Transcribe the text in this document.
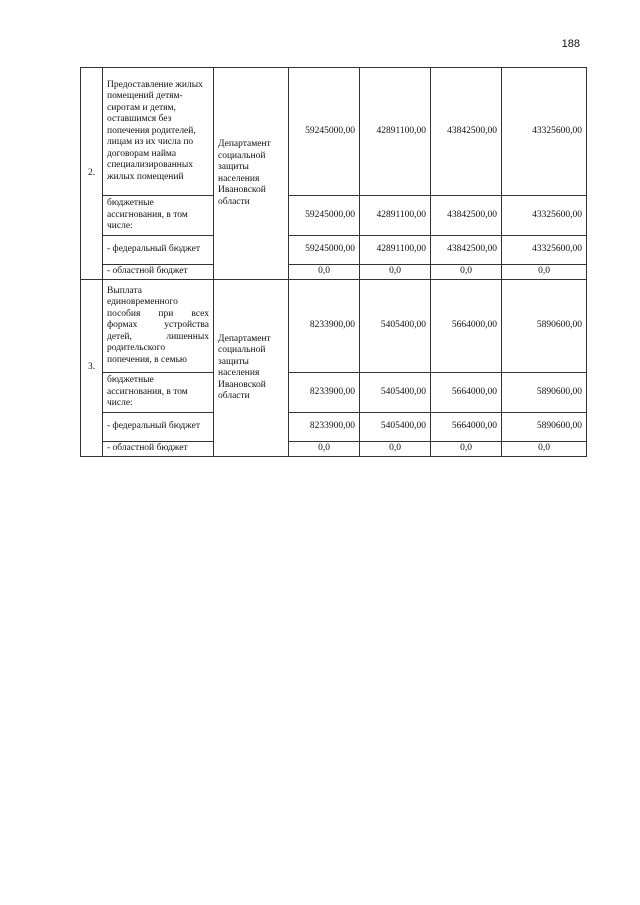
188
2.	Предоставление жилых помещений детям-сиротам и детям, оставшимся без попечения родителей, лицам из их числа по договорам найма специализированных жилых помещений	Департамент социальной защиты населения Ивановской области	59245000,00	42891100,00	43842500,00	43325600,00
	бюджетные ассигнования, в том числе:		59245000,00	42891100,00	43842500,00	43325600,00
	- федеральный бюджет		59245000,00	42891100,00	43842500,00	43325600,00
	- областной бюджет		0,0	0,0	0,0	0,0
3.	Выплата единовременного пособия при всех формах устройства детей, лишенных родительского попечения, в семью	Департамент социальной защиты населения Ивановской области	8233900,00	5405400,00	5664000,00	5890600,00
	бюджетные ассигнования, в том числе:		8233900,00	5405400,00	5664000,00	5890600,00
	- федеральный бюджет		8233900,00	5405400,00	5664000,00	5890600,00
	- областной бюджет		0,0	0,0	0,0	0,0
